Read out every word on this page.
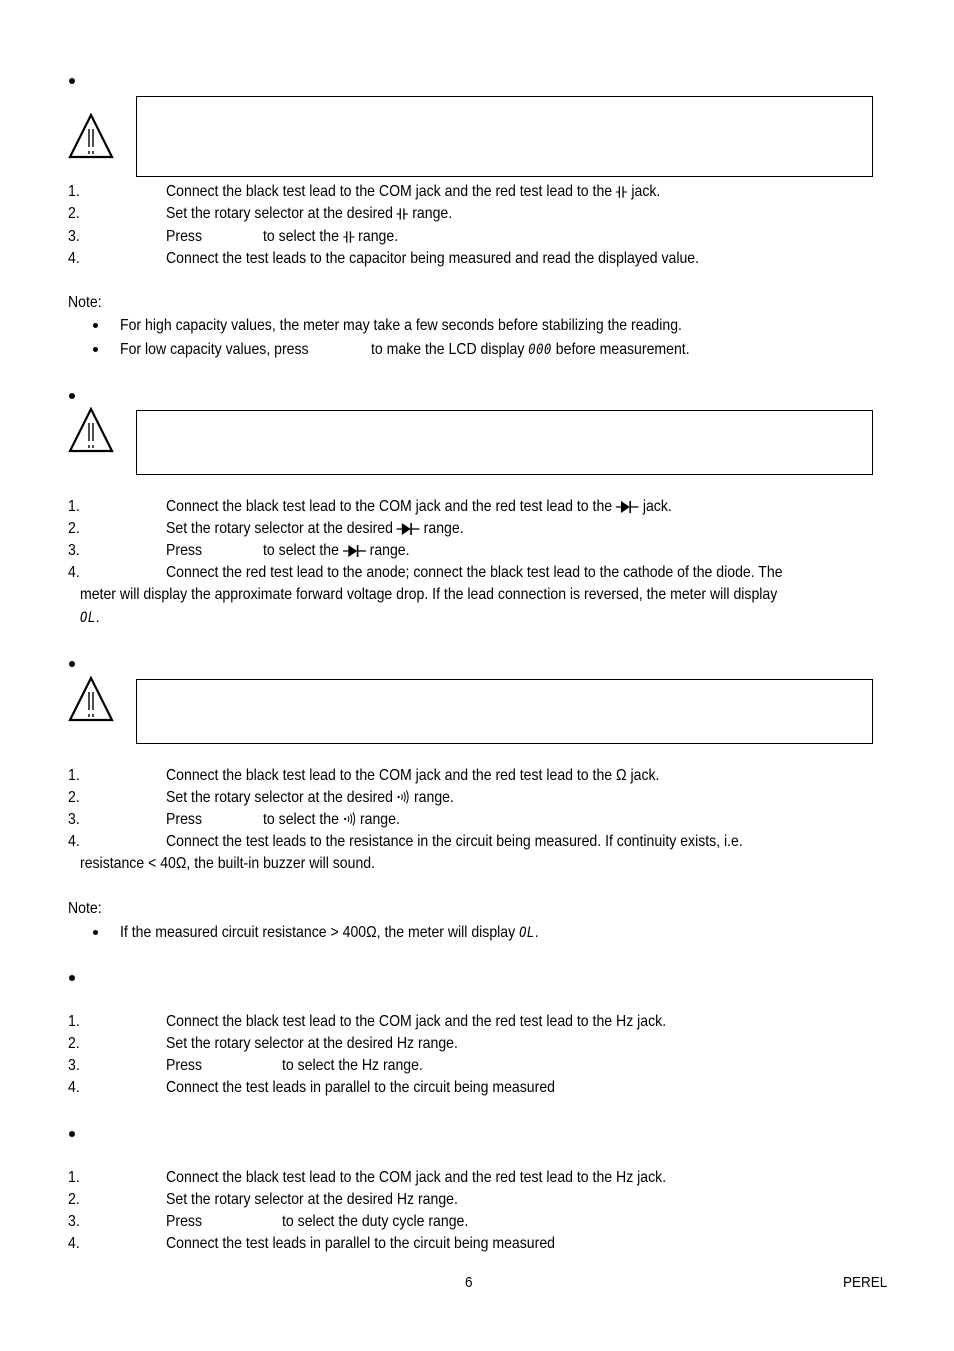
1.	Connect the black test lead to the COM jack and the red test lead to the  jack.
2.	Set the rotary selector at the desired  range.
3.	Press	to select the  range.
4.	Connect the test leads to the capacitor being measured and read the displayed value.
Note:
For high capacity values, the meter may take a few seconds before stabilizing the reading.
For low capacity values, press	to make the LCD display 000 before measurement.
1.	Connect the black test lead to the COM jack and the red test lead to the  jack.
2.	Set the rotary selector at the desired  range.
3.	Press	to select the  range.
4.	Connect the red test lead to the anode; connect the black test lead to the cathode of the diode. The
meter will display the approximate forward voltage drop. If the lead connection is reversed, the meter will display
OL.
1.	Connect the black test lead to the COM jack and the red test lead to the Ω jack.
2.	Set the rotary selector at the desired  range.
3.	Press	to select the  range.
4.	Connect the test leads to the resistance in the circuit being measured. If continuity exists, i.e.
resistance < 40Ω, the built-in buzzer will sound.
Note:
If the measured circuit resistance > 400Ω, the meter will display OL.
1.	Connect the black test lead to the COM jack and the red test lead to the Hz jack.
2.	Set the rotary selector at the desired Hz range.
3.	Press	to select the Hz range.
4.	Connect the test leads in parallel to the circuit being measured
1.	Connect the black test lead to the COM jack and the red test lead to the Hz jack.
2.	Set the rotary selector at the desired Hz range.
3.	Press	to select the duty cycle range.
4.	Connect the test leads in parallel to the circuit being measured
6	PEREL
